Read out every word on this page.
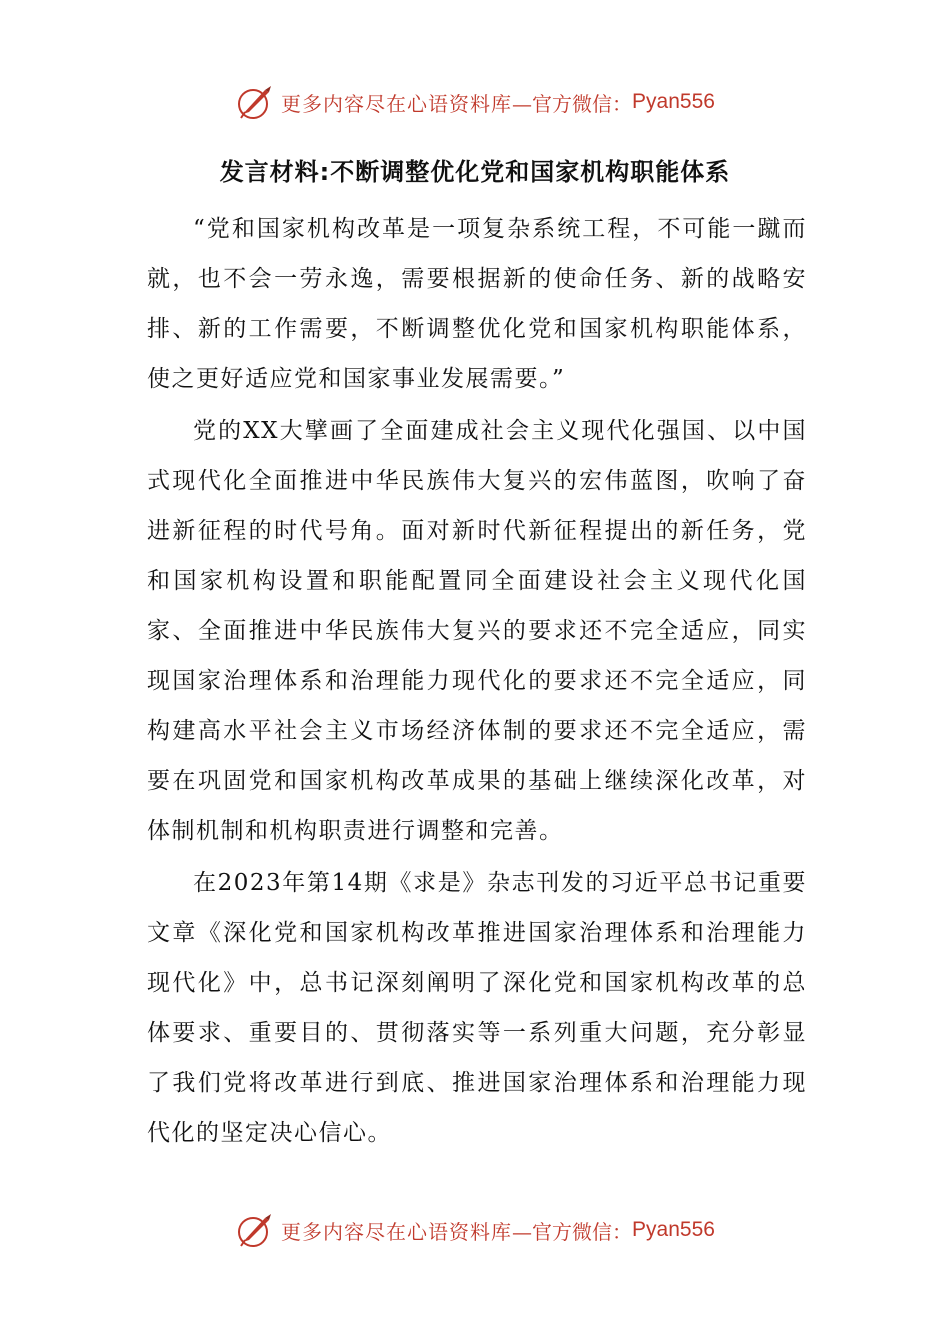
更多内容尽在心语资料库 —官方微信： Pyan556
发言材料:不断调整优化党和国家机构职能体系

“党和国家机构改革是一项复杂系统工程，不可能一蹴而就，也不会一劳永逸，需要根据新的使命任务、新的战略安排、新的工作需要，不断调整优化党和国家机构职能体系，使之更好适应党和国家事业发展需要。”

党的XX大擘画了全面建成社会主义现代化强国、以中国式现代化全面推进中华民族伟大复兴的宏伟蓝图，吹响了奋进新征程的时代号角。面对新时代新征程提出的新任务，党和国家机构设置和职能配置同全面建设社会主义现代化国家、全面推进中华民族伟大复兴的要求还不完全适应，同实现国家治理体系和治理能力现代化的要求还不完全适应，同构建高水平社会主义市场经济体制的要求还不完全适应，需要在巩固党和国家机构改革成果的基础上继续深化改革，对体制机制和机构职责进行调整和完善。

在2023年第14期《求是》杂志刊发的习近平总书记重要文章《深化党和国家机构改革推进国家治理体系和治理能力现代化》中，总书记深刻阐明了深化党和国家机构改革的总体要求、重要目的、贯彻落实等一系列重大问题，充分彰显了我们党将改革进行到底、推进国家治理体系和治理能力现代化的坚定决心信心。

更多内容尽在心语资料库 —官方微信： Pyan556
